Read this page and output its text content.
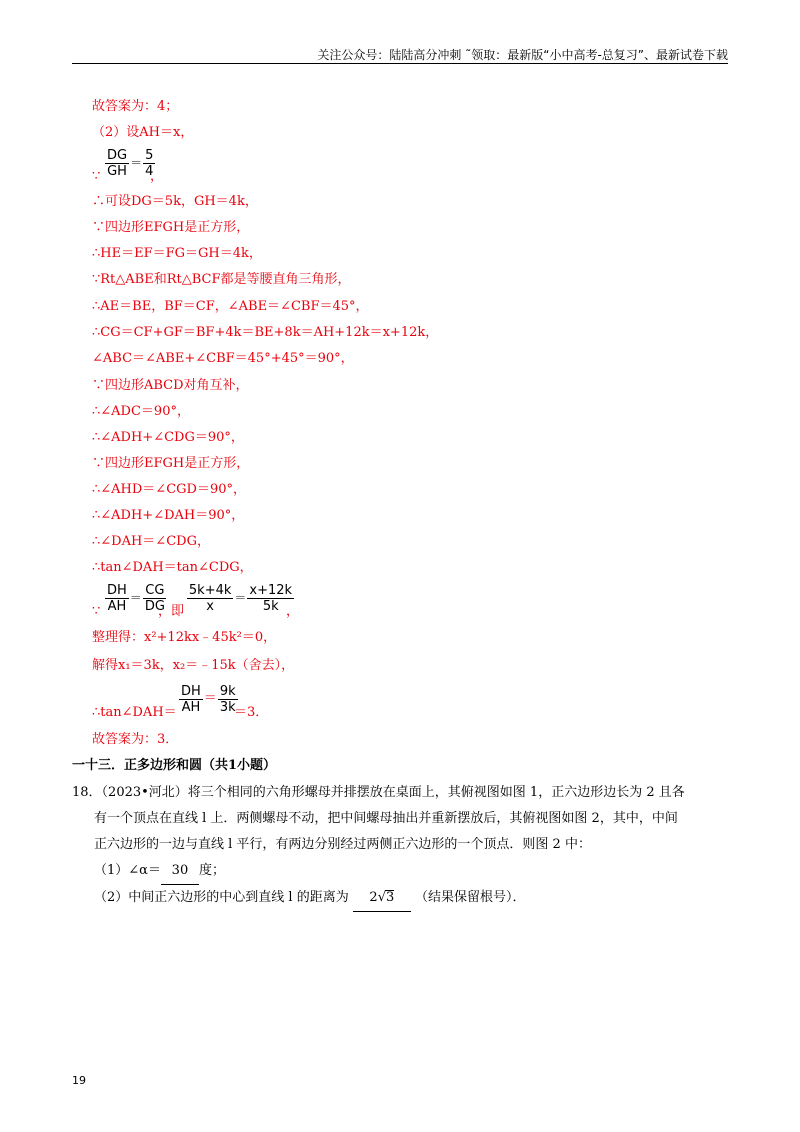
关注公众号：陆陆高分冲刺 ˜领取：最新版“小中高考-总复习”、最新试卷下载
故答案为：4；
（2）设AH＝x，
$\frac{DG}{GH} = \frac{5}{4}$
∵	，
∴可设DG＝5k，GH＝4k，
∵四边形EFGH是正方形，
∴HE＝EF＝FG＝GH＝4k，
∵Rt△ABE和Rt△BCF都是等腰直角三角形，
∴AE＝BE，BF＝CF，∠ABE＝∠CBF＝45°，
∴CG＝CF+GF＝BF+4k＝BE+8k＝AH+12k＝x+12k，
∠ABC＝∠ABE+∠CBF＝45°+45°＝90°，
∵四边形ABCD对角互补，
∴∠ADC＝90°，
∴∠ADH+∠CDG＝90°，
∵四边形EFGH是正方形，
∴∠AHD＝∠CGD＝90°，
∴∠ADH+∠DAH＝90°，
∴∠DAH＝∠CDG，
∴tan∠DAH＝tan∠CDG，
$\frac{DH}{AH} = \frac{CG}{DG} \frac{5k+4k}{x} = \frac{x+12k}{5k}$
∵	，即	，
整理得：x²+12kx﹣45k²＝0，
解得x₁＝3k，x₂＝﹣15k（舍去），
∴tan∠DAH＝ $\frac{DH}{AH} = \frac{9k}{3k}$
＝3．
故答案为：3．
一十三．正多边形和圆（共1小题）
18．（2023•河北）将三个相同的六角形螺母并排摆放在桌面上，其俯视图如图 1，正六边形边长为 2 且各
有一个顶点在直线 l 上．两侧螺母不动，把中间螺母抽出并重新摆放后，其俯视图如图 2，其中，中间
正六边形的一边与直线 l 平行，有两边分别经过两侧正六边形的一个顶点．则图 2 中：
（1）∠α＝ 30 度；
（2）中间正六边形的中心到直线 l 的距离为 2√3 （结果保留根号）．
19
